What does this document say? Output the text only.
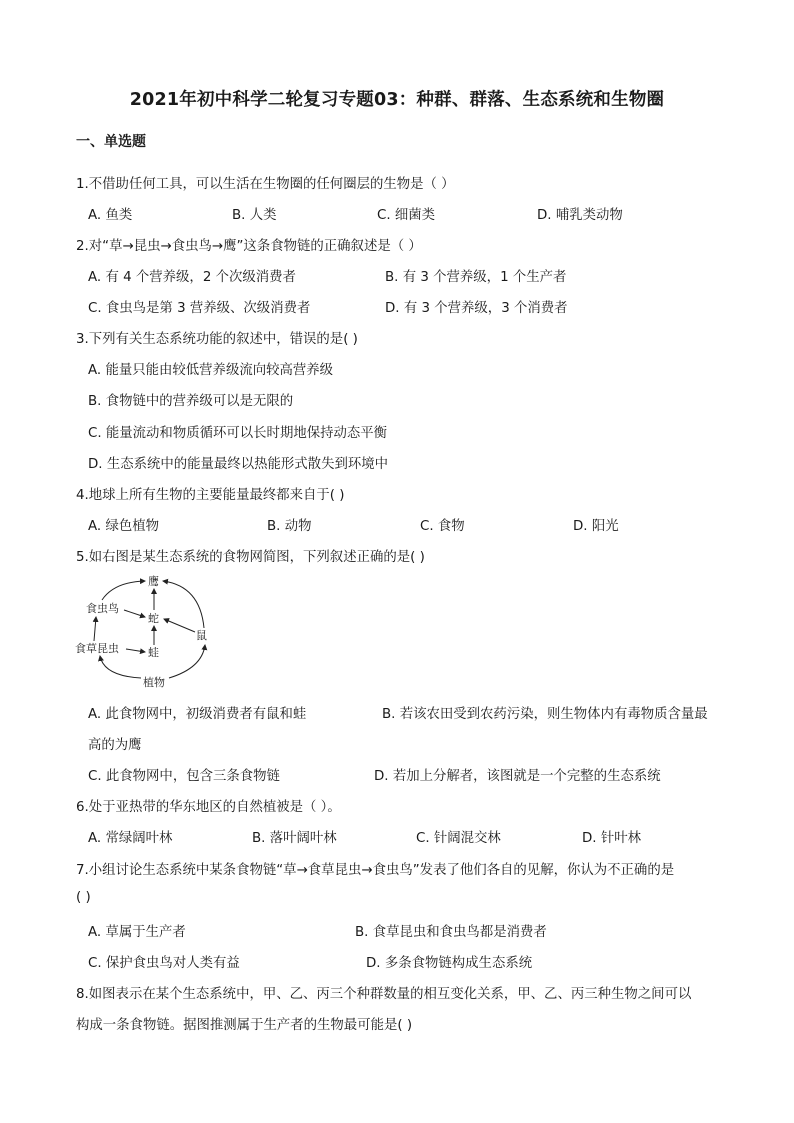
2021年初中科学二轮复习专题03：种群、群落、生态系统和生物圈
一、单选题
1.不借助任何工具，可以生活在生物圈的任何圈层的生物是（ ）
A. 鱼类	B. 人类	C. 细菌类	D. 哺乳类动物
2.对“草→昆虫→食虫鸟→鹰”这条食物链的正确叙述是（ ）
A. 有 4 个营养级，2 个次级消费者	B. 有 3 个营养级，1 个生产者
C. 食虫鸟是第 3 营养级、次级消费者	D. 有 3 个营养级，3 个消费者
3.下列有关生态系统功能的叙述中，错误的是( )
A. 能量只能由较低营养级流向较高营养级
B. 食物链中的营养级可以是无限的
C. 能量流动和物质循环可以长时期地保持动态平衡
D. 生态系统中的能量最终以热能形式散失到环境中
4.地球上所有生物的主要能量最终都来自于( )
A. 绿色植物	B. 动物	C. 食物	D. 阳光
5.如右图是某生态系统的食物网简图，下列叙述正确的是( )
鹰
食虫鸟
蛇
鼠
食草昆虫	蛙
植物
A. 此食物网中，初级消费者有鼠和蛙	B. 若该农田受到农药污染，则生物体内有毒物质含量最
高的为鹰
C. 此食物网中，包含三条食物链	D. 若加上分解者，该图就是一个完整的生态系统
6.处于亚热带的华东地区的自然植被是（ ）。
A. 常绿阔叶林	B. 落叶阔叶林	C. 针阔混交林	D. 针叶林
7.小组讨论生态系统中某条食物链“草→食草昆虫→食虫鸟”发表了他们各自的见解，你认为不正确的是
( )
A. 草属于生产者	B. 食草昆虫和食虫鸟都是消费者
C. 保护食虫鸟对人类有益	D. 多条食物链构成生态系统
8.如图表示在某个生态系统中，甲、乙、丙三个种群数量的相互变化关系，甲、乙、丙三种生物之间可以
构成一条食物链。据图推测属于生产者的生物最可能是( )
